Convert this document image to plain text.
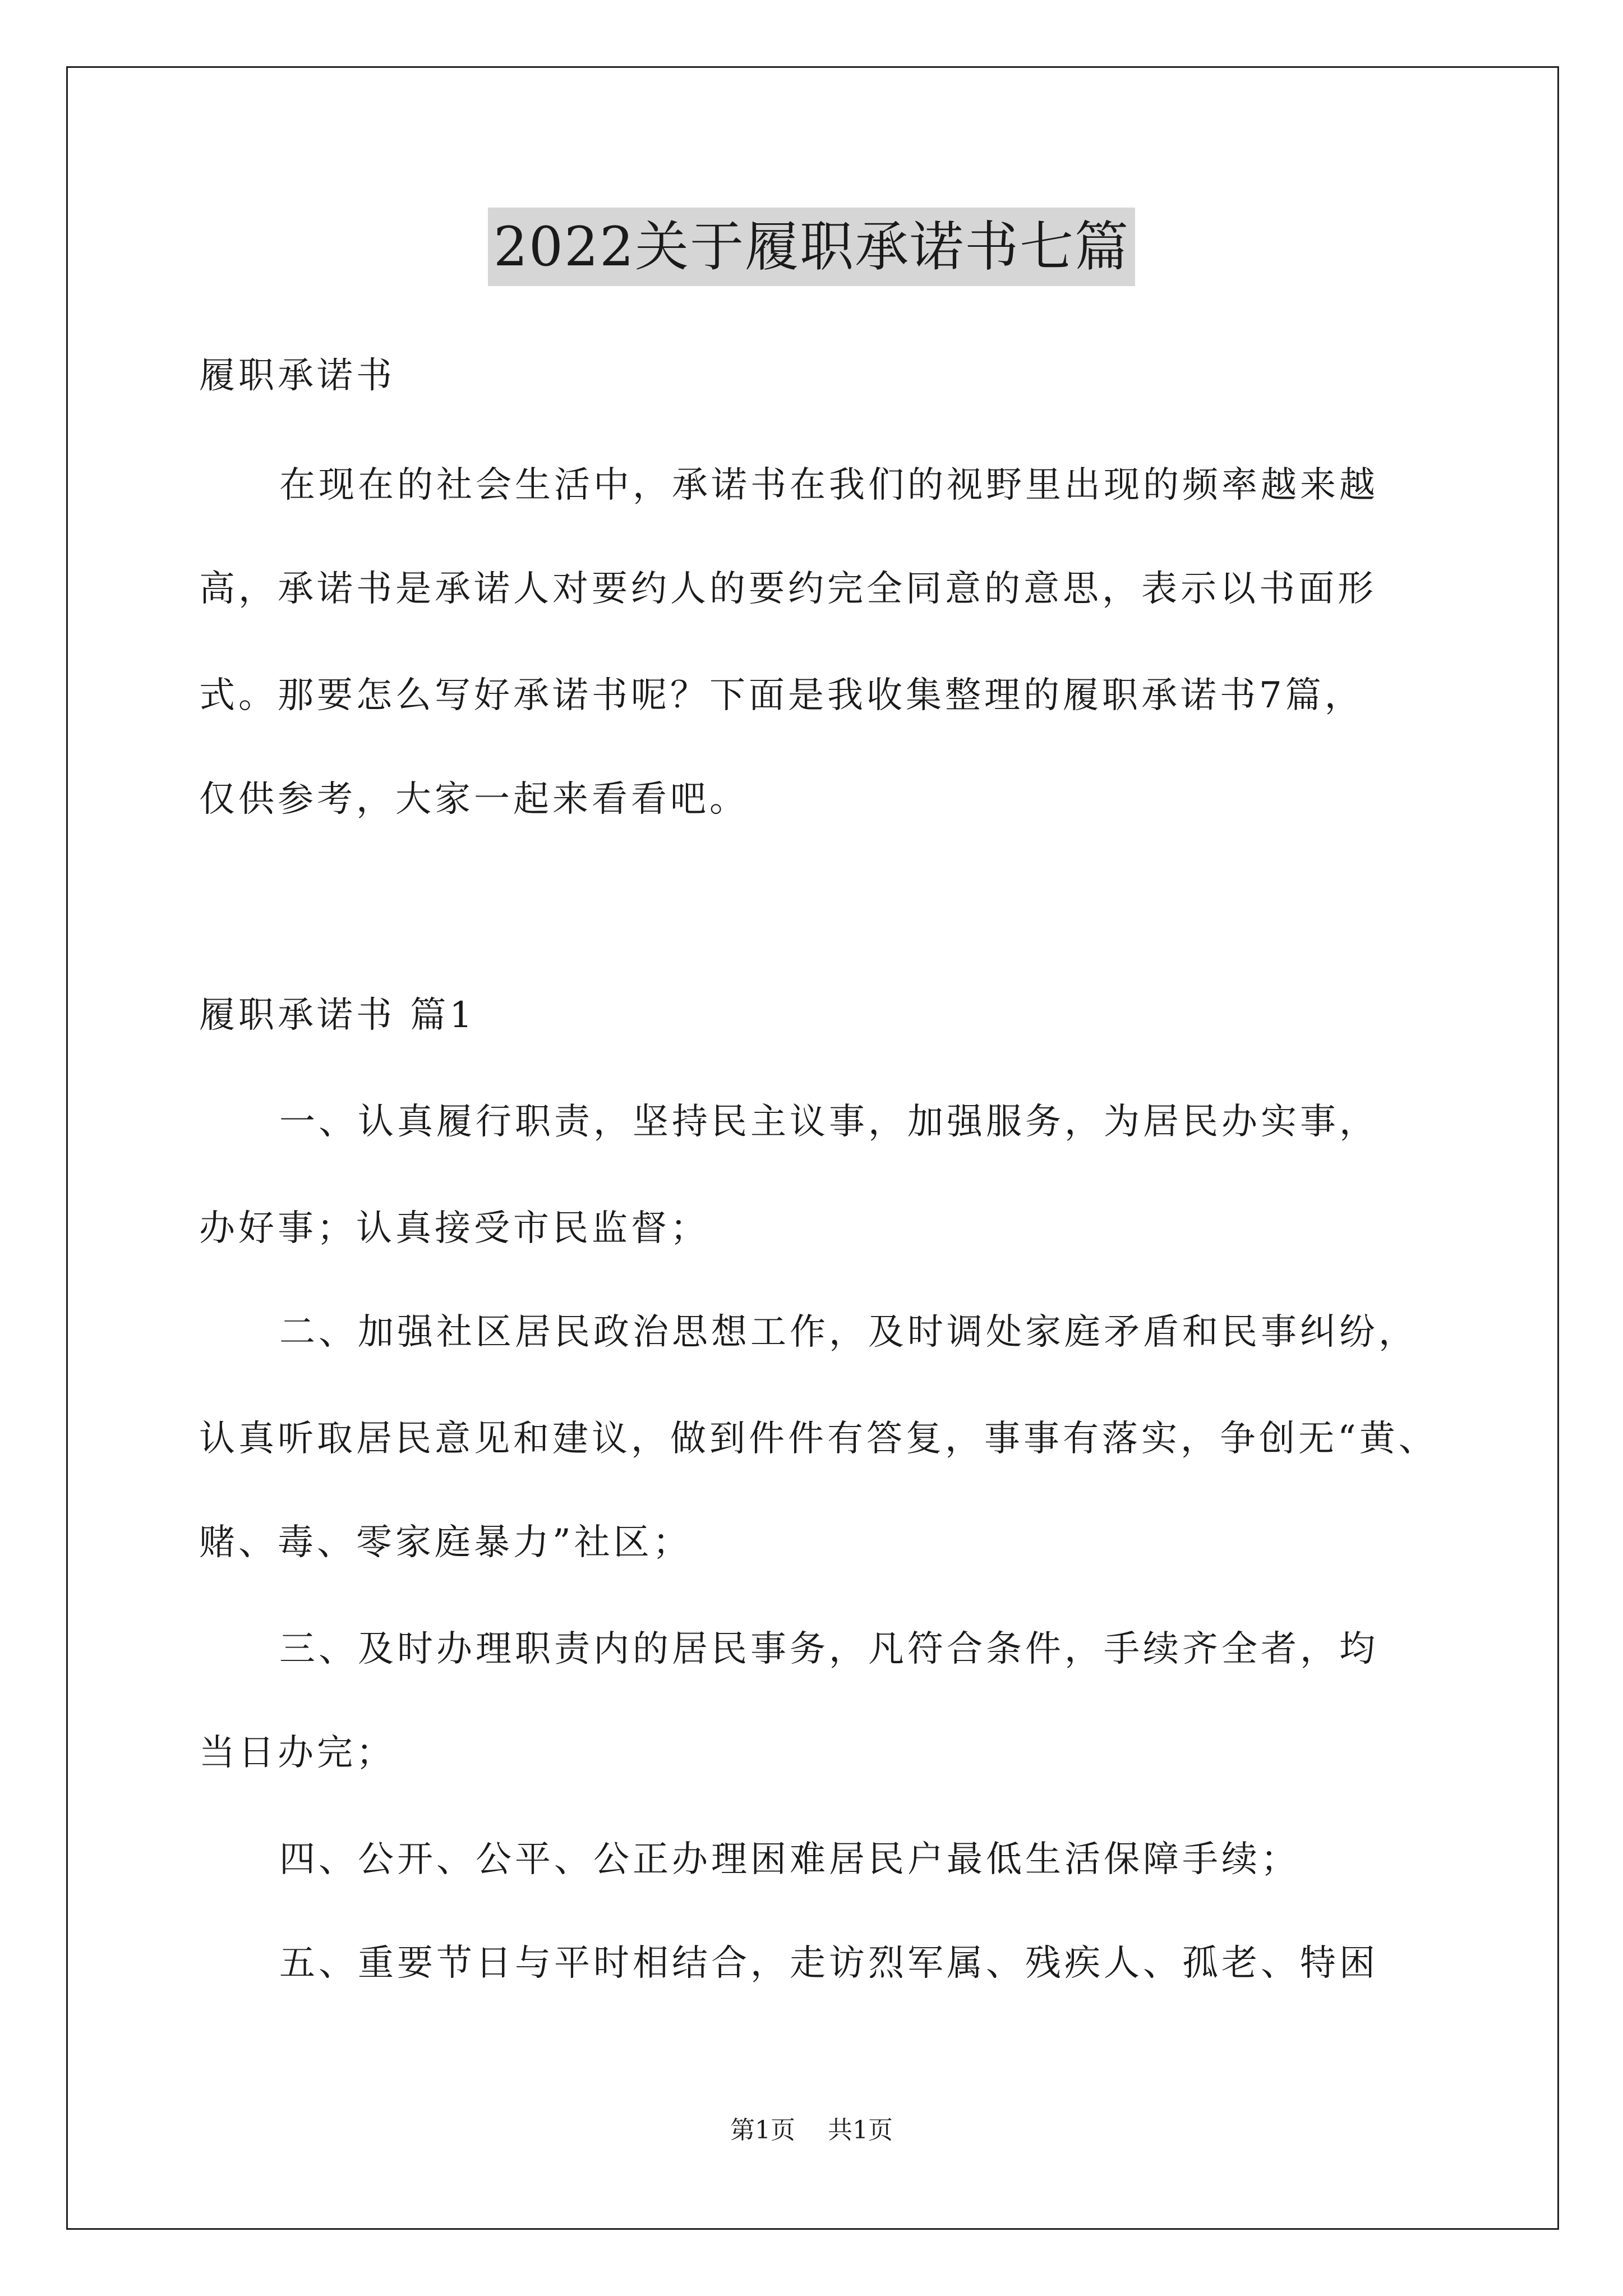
2022关于履职承诺书七篇
履职承诺书
在现在的社会生活中，承诺书在我们的视野里出现的频率越来越
高，承诺书是承诺人对要约人的要约完全同意的意思，表示以书面形
式。那要怎么写好承诺书呢？下面是我收集整理的履职承诺书7篇，
仅供参考，大家一起来看看吧。
履职承诺书 篇1
一、认真履行职责，坚持民主议事，加强服务，为居民办实事，
办好事；认真接受市民监督；
二、加强社区居民政治思想工作，及时调处家庭矛盾和民事纠纷，
认真听取居民意见和建议，做到件件有答复，事事有落实，争创无“黄、
赌、毒、零家庭暴力”社区；
三、及时办理职责内的居民事务，凡符合条件，手续齐全者，均
当日办完；
四、公开、公平、公正办理困难居民户最低生活保障手续；
五、重要节日与平时相结合，走访烈军属、残疾人、孤老、特困
第1页 共1页
